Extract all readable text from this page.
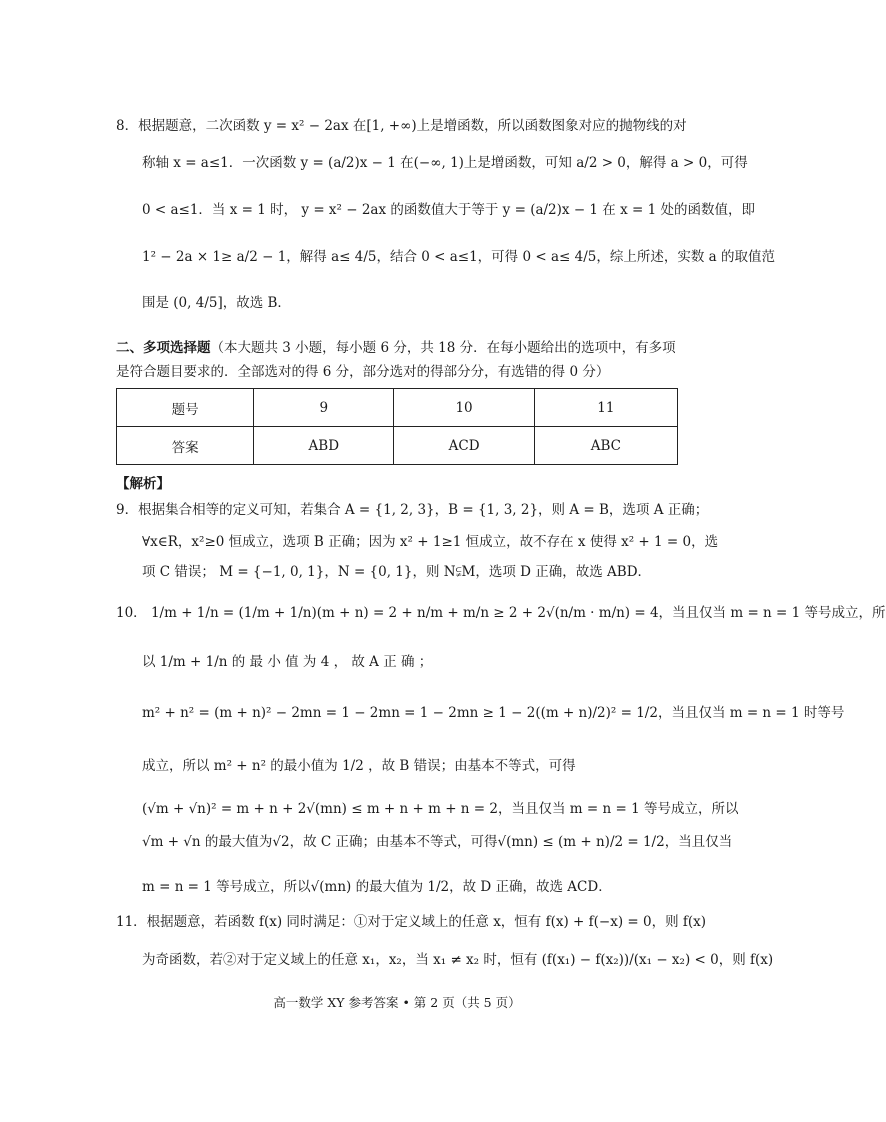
8．根据题意，二次函数 y = x² − 2ax 在[1, +∞)上是增函数，所以函数图象对应的抛物线的对
称轴 x = a≤1．一次函数 y = (a/2)x − 1 在(−∞, 1)上是增函数，可知 a/2 > 0，解得 a > 0，可得
0 < a≤1．当 x = 1 时， y = x² − 2ax 的函数值大于等于 y = (a/2)x − 1 在 x = 1 处的函数值，即
1² − 2a × 1≥ a/2 − 1，解得 a≤ 4/5，结合 0 < a≤1，可得 0 < a≤ 4/5，综上所述，实数 a 的取值范
围是 (0, 4/5]，故选 B．
二、多项选择题（本大题共 3 小题，每小题 6 分，共 18 分．在每小题给出的选项中，有多项
是符合题目要求的．全部选对的得 6 分，部分选对的得部分分，有选错的得 0 分）
题号	9	10	11
答案	ABD	ACD	ABC
【解析】
9．根据集合相等的定义可知，若集合 A = {1, 2, 3}，B = {1, 3, 2}，则 A = B，选项 A 正确；
∀x∈R，x²≥0 恒成立，选项 B 正确；因为 x² + 1≥1 恒成立，故不存在 x 使得 x² + 1 = 0，选
项 C 错误； M = {−1, 0, 1}，N = {0, 1}，则 N⫋M，选项 D 正确，故选 ABD．
10． 1/m + 1/n = (1/m + 1/n)(m + n) = 2 + n/m + m/n ≥ 2 + 2√(n/m · m/n) = 4，当且仅当 m = n = 1 等号成立，所
以 1/m + 1/n 的 最 小 值 为 4 ， 故 A 正 确 ；
m² + n² = (m + n)² − 2mn = 1 − 2mn = 1 − 2mn ≥ 1 − 2((m + n)/2)² = 1/2，当且仅当 m = n = 1 时等号
成立，所以 m² + n² 的最小值为 1/2 ，故 B 错误；由基本不等式，可得
(√m + √n)² = m + n + 2√(mn) ≤ m + n + m + n = 2，当且仅当 m = n = 1 等号成立，所以
√m + √n 的最大值为√2，故 C 正确；由基本不等式，可得√(mn) ≤ (m + n)/2 = 1/2，当且仅当
m = n = 1 等号成立，所以√(mn) 的最大值为 1/2，故 D 正确，故选 ACD．
11．根据题意，若函数 f(x) 同时满足：①对于定义域上的任意 x，恒有 f(x) + f(−x) = 0，则 f(x)
为奇函数，若②对于定义域上的任意 x₁，x₂，当 x₁ ≠ x₂ 时，恒有 (f(x₁) − f(x₂))/(x₁ − x₂) < 0，则 f(x)
高一数学 XY 参考答案 • 第 2 页（共 5 页）
